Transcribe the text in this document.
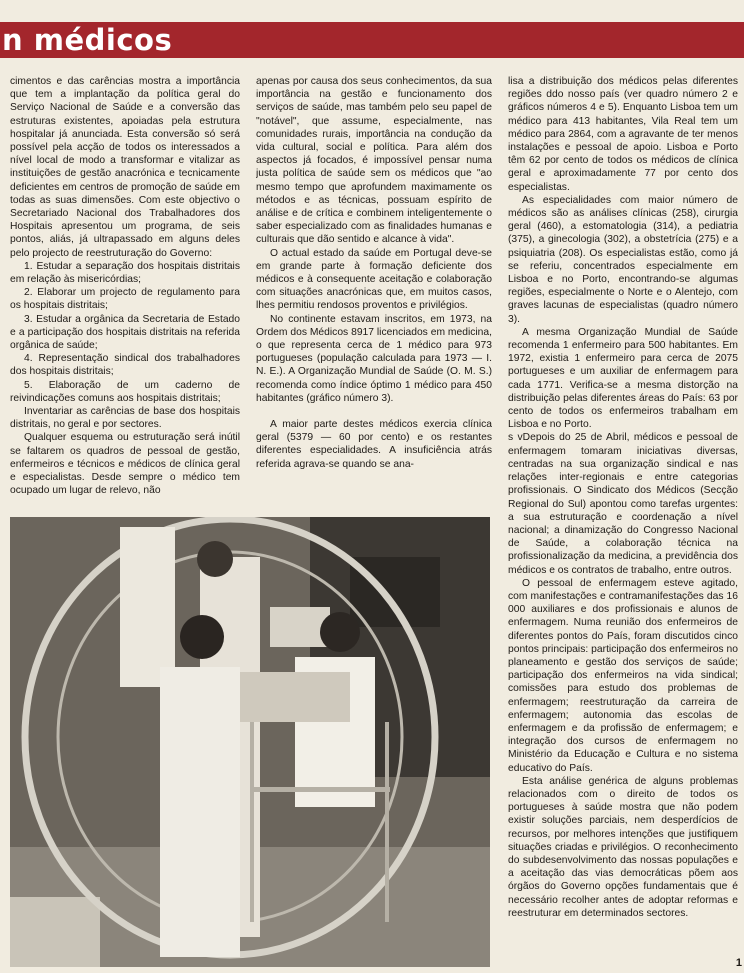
n médicos

cimentos e das carências mostra a importância que tem a implantação da política geral do Serviço Nacional de Saúde e a conversão das estruturas existentes, apoiadas pela estrutura hospitalar já anunciada. Esta conversão só será possível pela acção de todos os interessados a nível local de modo a transformar e vitalizar as instituições de gestão anacrónica e tecnicamente deficientes em centros de promoção de saúde em todas as suas dimensões. Com este objectivo o Secretariado Nacional dos Trabalhadores dos Hospitais apresentou um programa, de seis pontos, aliás, já ultrapassado em alguns deles pelo projecto de reestruturação do Governo:

1. Estudar a separação dos hospitais distritais em relação às misericórdias;

2. Elaborar um projecto de regulamento para os hospitais distritais;

3. Estudar a orgânica da Secretaria de Estado e a participação dos hospitais distritais na referida orgânica de saúde;

4. Representação sindical dos trabalhadores dos hospitais distritais;

5. Elaboração de um caderno de reivindicações comuns aos hospitais distritais;

Inventariar as carências de base dos hospitais distritais, no geral e por sectores.

Qualquer esquema ou estruturação será inútil se faltarem os quadros de pessoal de gestão, enfermeiros e técnicos e médicos de clínica geral e especialistas. Desde sempre o médico tem ocupado um lugar de relevo, não

apenas por causa dos seus conhecimentos, da sua importância na gestão e funcionamento dos serviços de saúde, mas também pelo seu papel de "notável", que assume, especialmente, nas comunidades rurais, importância na condução da vida cultural, social e política. Para além dos aspectos já focados, é impossível pensar numa justa política de saúde sem os médicos que "ao mesmo tempo que aprofundem maximamente os métodos e as técnicas, possuam espírito de análise e de crítica e combinem inteligentemente o saber especializado com as finalidades humanas e culturais que dão sentido e alcance à vida".

O actual estado da saúde em Portugal deve-se em grande parte à formação deficiente dos médicos e à consequente aceitação e colaboração com situações anacrónicas que, em muitos casos, lhes permitiu rendosos proventos e privilégios.

No continente estavam inscritos, em 1973, na Ordem dos Médicos 8917 licenciados em medicina, o que representa cerca de 1 médico para 973 portugueses (população calculada para 1973 — I. N. E.). A Organização Mundial de Saúde (O. M. S.) recomenda como índice óptimo 1 médico para 450 habitantes (gráfico número 3).

A maior parte destes médicos exercia clínica geral (5379 — 60 por cento) e os restantes diferentes especialidades. A insuficiência atrás referida agrava-se quando se ana-

lisa a distribuição dos médicos pelas diferentes regiões ddo nosso país (ver quadro número 2 e gráficos números 4 e 5). Enquanto Lisboa tem um médico para 413 habitantes, Vila Real tem um médico para 2864, com a agravante de ter menos instalações e pessoal de apoio. Lisboa e Porto têm 62 por cento de todos os médicos de clínica geral e aproximadamente 77 por cento dos especialistas.

As especialidades com maior número de médicos são as análises clínicas (258), cirurgia geral (460), a estomatologia (314), a pediatria (375), a ginecologia (302), a obstetrícia (275) e a psiquiatria (208). Os especialistas estão, como já se referiu, concentrados especialmente em Lisboa e no Porto, encontrando-se algumas regiões, especialmente o Norte e o Alentejo, com graves lacunas de especialistas (quadro número 3).

A mesma Organização Mundial de Saúde recomenda 1 enfermeiro para 500 habitantes. Em 1972, existia 1 enfermeiro para cerca de 2075 portugueses e um auxiliar de enfermagem para cada 1771. Verifica-se a mesma distorção na distribuição pelas diferentes áreas do País: 63 por cento de todos os enfermeiros trabalham em Lisboa e no Porto.

s vDepois do 25 de Abril, médicos e pessoal de enfermagem tomaram iniciativas diversas, centradas na sua organização sindical e nas relações inter-regionais e entre categorias profissionais. O Sindicato dos Médicos (Secção Regional do Sul) apontou como tarefas urgentes: a sua estruturação e coordenação a nível nacional; a dinamização do Congresso Nacional de Saúde, a colaboração técnica na profissionalização da medicina, a previdência dos médicos e os contratos de trabalho, entre outros.

O pessoal de enfermagem esteve agitado, com manifestações e contramanifestações das 16 000 auxiliares e dos profissionais e alunos de enfermagem. Numa reunião dos enfermeiros de diferentes pontos do País, foram discutidos cinco pontos principais: participação dos enfermeiros no planeamento e gestão dos serviços de saúde; participação dos enfermeiros na vida sindical; comissões para estudo dos problemas de enfermagem; reestruturação da carreira de enfermagem; autonomia das escolas de enfermagem e da profissão de enfermagem; e integração dos cursos de enfermagem no Ministério da Educação e Cultura e no sistema educativo do País.

Esta análise genérica de alguns problemas relacionados com o direito de todos os portugueses à saúde mostra que não podem existir soluções parciais, nem desperdícios de recursos, por melhores intenções que justifiquem situações criadas e privilégios. O reconhecimento do subdesenvolvimento das nossas populações e a aceitação das vias democráticas põem aos órgãos do Governo opções fundamentais que é necessário recolher antes de adoptar reformas e reestruturar em determinados sectores.

1
